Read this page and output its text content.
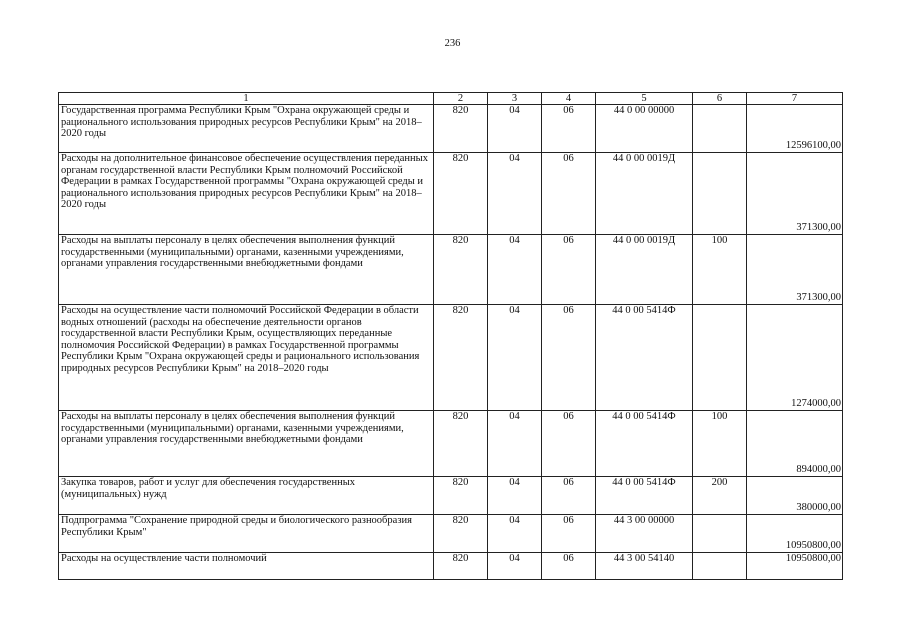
236
1	2	3	4	5	6	7
Государственная программа Республики Крым "Охрана окружающей среды и рационального использования природных ресурсов Республики Крым" на 2018–2020 годы	820	04	06	44 0 00 00000		12596100,00
Расходы на дополнительное финансовое обеспечение осуществления переданных органам государственной власти Республики Крым полномочий Российской Федерации в рамках Государственной программы "Охрана окружающей среды и рационального использования природных ресурсов Республики Крым" на 2018–2020 годы	820	04	06	44 0 00 0019Д		371300,00
Расходы на выплаты персоналу в целях обеспечения выполнения функций государственными (муниципальными) органами, казенными учреждениями, органами управления государственными внебюджетными фондами	820	04	06	44 0 00 0019Д	100	371300,00
Расходы на осуществление части полномочий Российской Федерации в области водных отношений (расходы на обеспечение деятельности органов государственной власти Республики Крым, осуществляющих переданные полномочия Российской Федерации) в рамках Государственной программы Республики Крым "Охрана окружающей среды и рационального использования природных ресурсов Республики Крым" на 2018–2020 годы	820	04	06	44 0 00 5414Ф		1274000,00
Расходы на выплаты персоналу в целях обеспечения выполнения функций государственными (муниципальными) органами, казенными учреждениями, органами управления государственными внебюджетными фондами	820	04	06	44 0 00 5414Ф	100	894000,00
Закупка товаров, работ и услуг для обеспечения государственных (муниципальных) нужд	820	04	06	44 0 00 5414Ф	200	380000,00
Подпрограмма "Сохранение природной среды и биологического разнообразия Республики Крым"	820	04	06	44 3 00 00000		10950800,00
Расходы на осуществление части полномочий	820	04	06	44 3 00 54140		10950800,00
